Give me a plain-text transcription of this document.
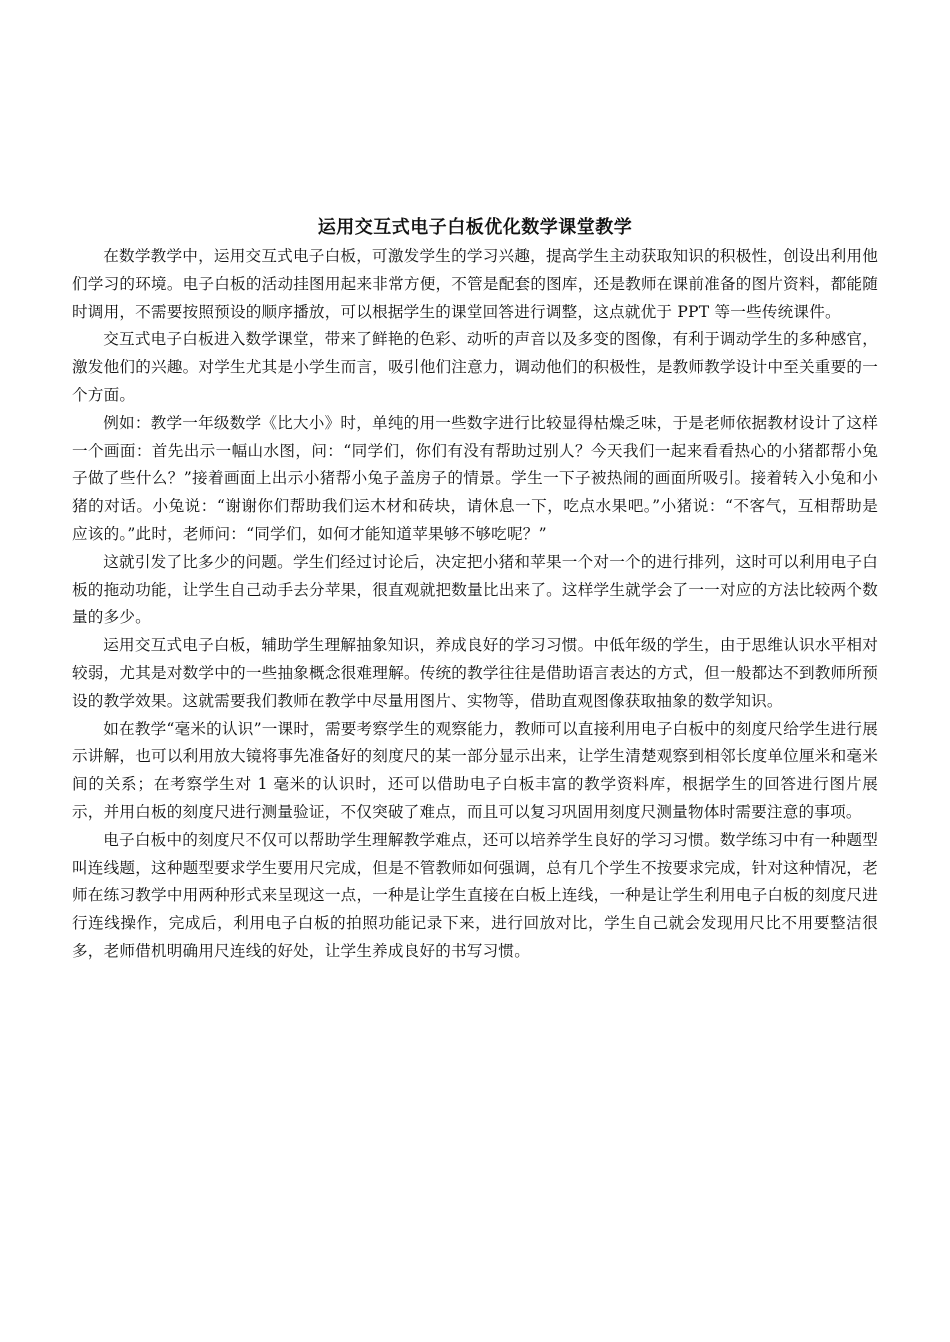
运用交互式电子白板优化数学课堂教学

在数学教学中，运用交互式电子白板，可激发学生的学习兴趣，提高学生主动获取知识的积极性，创设出利用他们学习的环境。电子白板的活动挂图用起来非常方便，不管是配套的图库，还是教师在课前准备的图片资料，都能随时调用，不需要按照预设的顺序播放，可以根据学生的课堂回答进行调整，这点就优于 PPT 等一些传统课件。

交互式电子白板进入数学课堂，带来了鲜艳的色彩、动听的声音以及多变的图像，有利于调动学生的多种感官，激发他们的兴趣。对学生尤其是小学生而言，吸引他们注意力，调动他们的积极性，是教师教学设计中至关重要的一个方面。

例如：教学一年级数学《比大小》时，单纯的用一些数字进行比较显得枯燥乏味，于是老师依据教材设计了这样一个画面：首先出示一幅山水图，问：“同学们，你们有没有帮助过别人？今天我们一起来看看热心的小猪都帮小兔子做了些什么？”接着画面上出示小猪帮小兔子盖房子的情景。学生一下子被热闹的画面所吸引。接着转入小兔和小猪的对话。小兔说：“谢谢你们帮助我们运木材和砖块，请休息一下，吃点水果吧。”小猪说：“不客气，互相帮助是应该的。”此时，老师问：“同学们，如何才能知道苹果够不够吃呢？”

这就引发了比多少的问题。学生们经过讨论后，决定把小猪和苹果一个对一个的进行排列，这时可以利用电子白板的拖动功能，让学生自己动手去分苹果，很直观就把数量比出来了。这样学生就学会了一一对应的方法比较两个数量的多少。

运用交互式电子白板，辅助学生理解抽象知识，养成良好的学习习惯。中低年级的学生，由于思维认识水平相对较弱，尤其是对数学中的一些抽象概念很难理解。传统的教学往往是借助语言表达的方式，但一般都达不到教师所预设的教学效果。这就需要我们教师在教学中尽量用图片、实物等，借助直观图像获取抽象的数学知识。

如在教学“毫米的认识”一课时，需要考察学生的观察能力，教师可以直接利用电子白板中的刻度尺给学生进行展示讲解，也可以利用放大镜将事先准备好的刻度尺的某一部分显示出来，让学生清楚观察到相邻长度单位厘米和毫米间的关系；在考察学生对 1 毫米的认识时，还可以借助电子白板丰富的教学资料库，根据学生的回答进行图片展示，并用白板的刻度尺进行测量验证，不仅突破了难点，而且可以复习巩固用刻度尺测量物体时需要注意的事项。

电子白板中的刻度尺不仅可以帮助学生理解教学难点，还可以培养学生良好的学习习惯。数学练习中有一种题型叫连线题，这种题型要求学生要用尺完成，但是不管教师如何强调，总有几个学生不按要求完成，针对这种情况，老师在练习教学中用两种形式来呈现这一点，一种是让学生直接在白板上连线，一种是让学生利用电子白板的刻度尺进行连线操作，完成后，利用电子白板的拍照功能记录下来，进行回放对比，学生自己就会发现用尺比不用要整洁很多，老师借机明确用尺连线的好处，让学生养成良好的书写习惯。
